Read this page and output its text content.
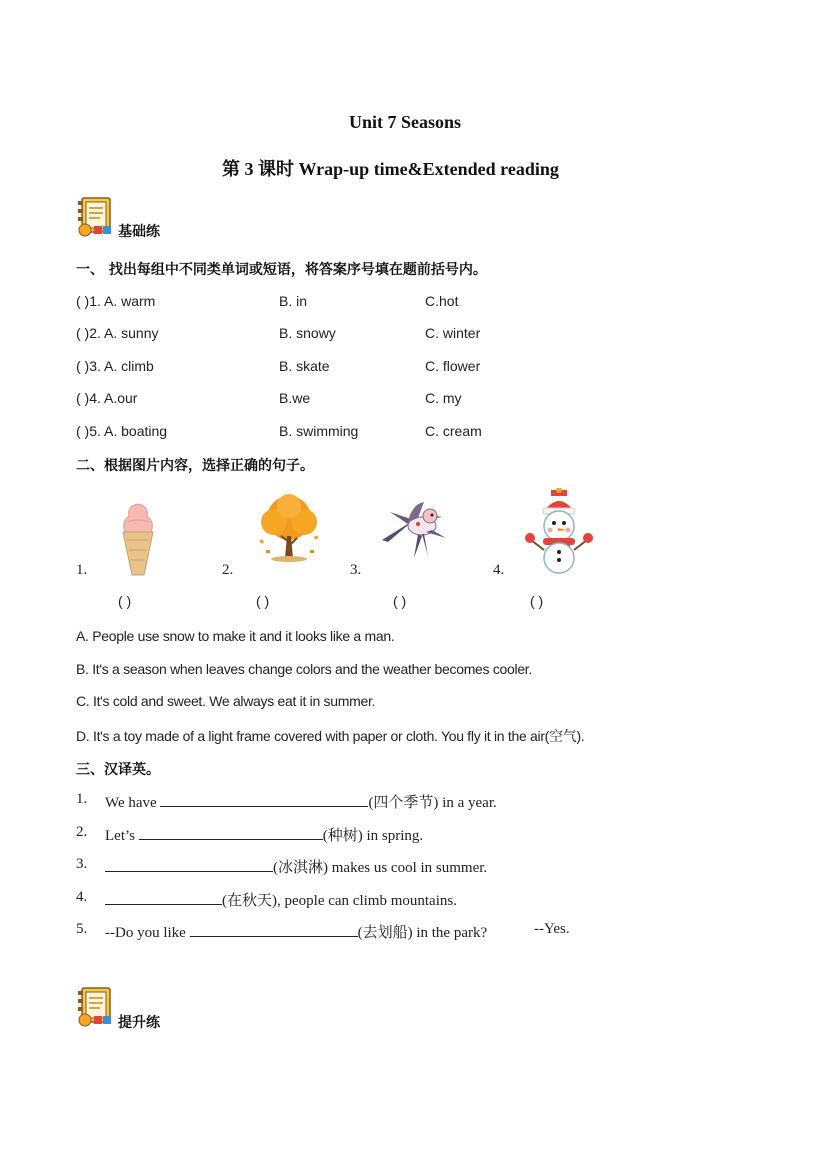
Unit 7 Seasons
第 3 课时 Wrap-up time&Extended reading
基础练
一、 找出每组中不同类单词或短语，将答案序号填在题前括号内。
( )1. A. warm	B. in	C.hot
( )2. A. sunny	B. snowy	C. winter
( )3. A. climb	B. skate	C. flower
( )4. A.our	B.we	C. my
( )5. A. boating	B. swimming	C. cream
二、根据图片内容，选择正确的句子。
1.	2.	3.	4.
( )	( )	( )	( )
A. People use snow to make it and it looks like a man.
B. It's a season when leaves change colors and the weather becomes cooler.
C. It's cold and sweet. We always eat it in summer.
D. It's a toy made of a light frame covered with paper or cloth. You fly it in the air(空气).
三、汉译英。
1. We have	(四个季节) in a year.
2. Let’s	(种树) in spring.
3.	(冰淇淋) makes us cool in summer.
4.	(在秋天), people can climb mountains.
5. --Do you like	(去划船) in the park?	--Yes.
提升练
